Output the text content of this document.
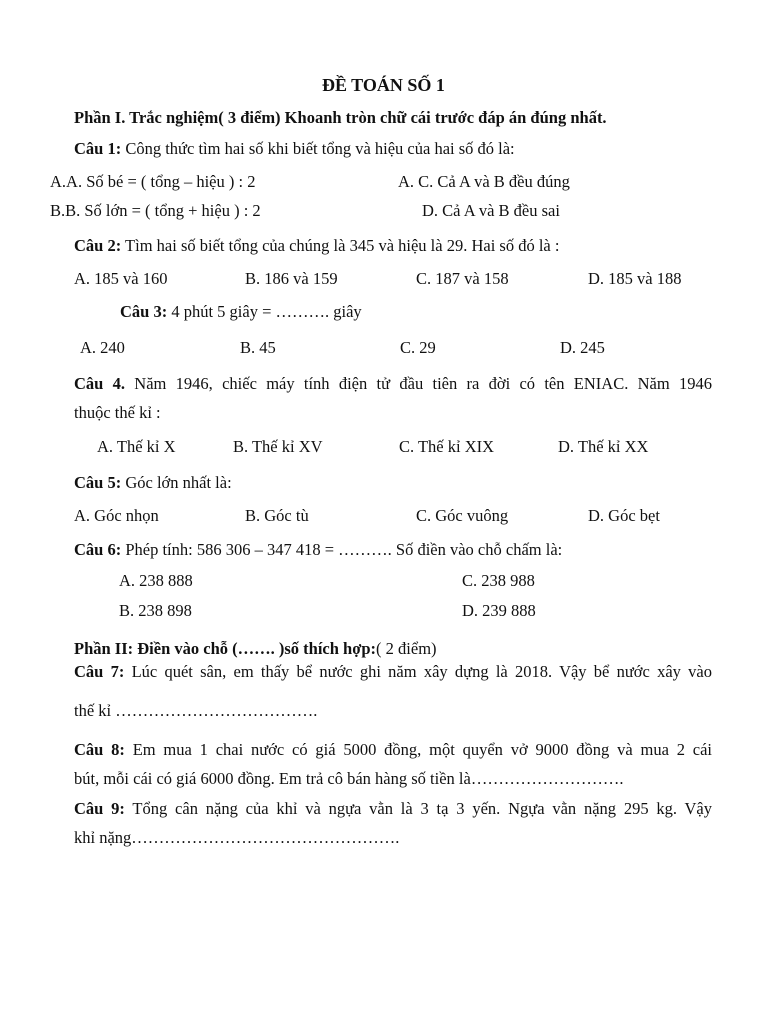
ĐỀ TOÁN SỐ 1
Phần I. Trắc nghiệm( 3 điểm) Khoanh tròn chữ cái trước đáp án đúng nhất.
Câu 1: Công thức tìm hai số khi biết tổng và hiệu của hai số đó là:
A.A. Số bé = ( tổng – hiệu ) : 2	A. C. Cả A và B đều đúng
B.B. Số lớn = ( tổng + hiệu ) : 2	D. Cả A và B đều sai
Câu 2: Tìm hai số biết tổng của chúng là 345 và hiệu là 29. Hai số đó là :
A. 185 và 160	B. 186 và 159	C. 187 và 158	D. 185 và 188
Câu 3: 4 phút 5 giây = ………. giây
A. 240	B. 45	C. 29	D. 245
Câu 4. Năm 1946, chiếc máy tính điện tử đầu tiên ra đời có tên ENIAC. Năm 1946
thuộc thế kỉ :
A. Thế kỉ X	B. Thế kỉ XV	C. Thế kỉ XIX	D. Thế kỉ XX
Câu 5: Góc lớn nhất là:
A. Góc nhọn	B. Góc tù	C. Góc vuông	D. Góc bẹt
Câu 6: Phép tính: 586 306 – 347 418 = ………. Số điền vào chỗ chấm là:
A. 238 888	C. 238 988
B. 238 898	D. 239 888
Phần II: Điền vào chỗ (……. )số thích hợp:( 2 điểm)
Câu 7: Lúc quét sân, em thấy bể nước ghi năm xây dựng là 2018. Vậy bể nước xây vào
thế kỉ ……………………………….
Câu 8: Em mua 1 chai nước có giá 5000 đồng, một quyển vở 9000 đồng và mua 2 cái
bút, mỗi cái có giá 6000 đồng. Em trả cô bán hàng số tiền là……………………….
Câu 9: Tổng cân nặng của khỉ và ngựa vằn là 3 tạ 3 yến. Ngựa vằn nặng 295 kg. Vậy
khỉ nặng………………………………………….
